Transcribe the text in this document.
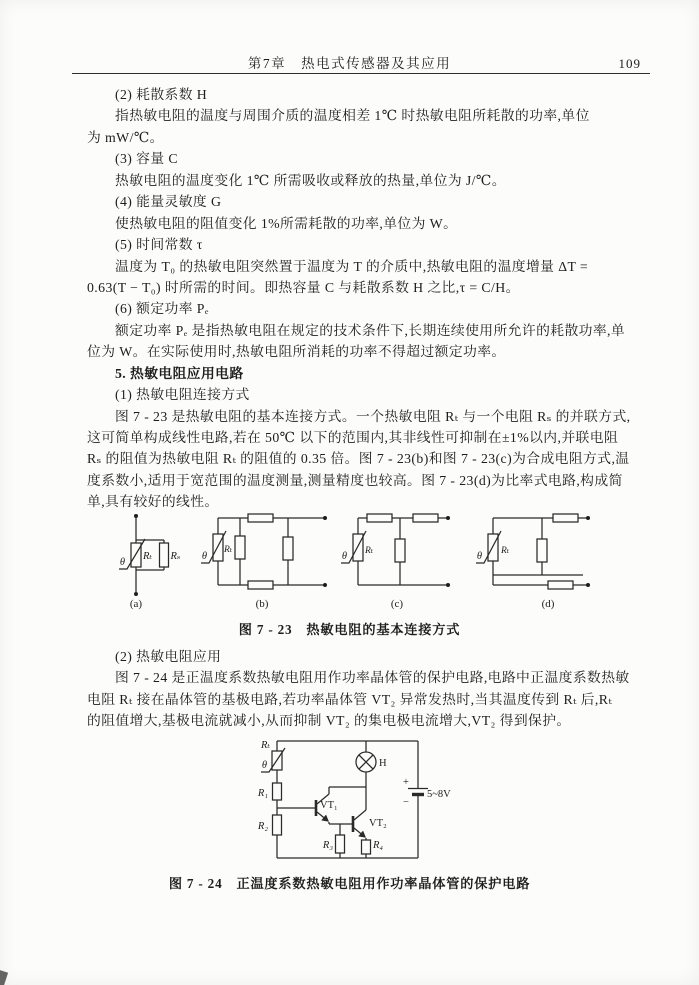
第7章　热电式传感器及其应用	109
(2) 耗散系数 H
指热敏电阻的温度与周围介质的温度相差 1℃ 时热敏电阻所耗散的功率,单位
为 mW/℃。
(3) 容量 C
热敏电阻的温度变化 1℃ 所需吸收或释放的热量,单位为 J/℃。
(4) 能量灵敏度 G
使热敏电阻的阻值变化 1%所需耗散的功率,单位为 W。
(5) 时间常数 τ
温度为 T₀ 的热敏电阻突然置于温度为 T 的介质中,热敏电阻的温度增量 ΔT =
0.63(T − T₀) 时所需的时间。即热容量 C 与耗散系数 H 之比,τ = C/H。
(6) 额定功率 Pₑ
额定功率 Pₑ 是指热敏电阻在规定的技术条件下,长期连续使用所允许的耗散功率,单
位为 W。在实际使用时,热敏电阻所消耗的功率不得超过额定功率。
5. 热敏电阻应用电路
(1) 热敏电阻连接方式
图 7 - 23 是热敏电阻的基本连接方式。一个热敏电阻 Rₜ 与一个电阻 Rₛ 的并联方式,
这可简单构成线性电路,若在 50℃ 以下的范围内,其非线性可抑制在±1%以内,并联电阻
Rₛ 的阻值为热敏电阻 Rₜ 的阻值的 0.35 倍。图 7 - 23(b)和图 7 - 23(c)为合成电阻方式,温
度系数小,适用于宽范围的温度测量,测量精度也较高。图 7 - 23(d)为比率式电路,构成简
单,具有较好的线性。
θ
Rₜ Rₛ
(a)
θ
Rₜ
(b)
θ Rₜ
(c)
θ Rₜ
(d)
图 7 - 23　热敏电阻的基本连接方式
(2) 热敏电阻应用
图 7 - 24 是正温度系数热敏电阻用作功率晶体管的保护电路,电路中正温度系数热敏
电阻 Rₜ 接在晶体管的基极电路,若功率晶体管 VT₂ 异常发热时,当其温度传到 Rₜ 后,Rₜ
的阻值增大,基极电流就减小,从而抑制 VT₂ 的集电极电流增大,VT₂ 得到保护。
Rₜ
θ
R₁
R₂
VT₁
VT₂
R₃	R₄
H
+
−
5~8V
图 7 - 24　正温度系数热敏电阻用作功率晶体管的保护电路
